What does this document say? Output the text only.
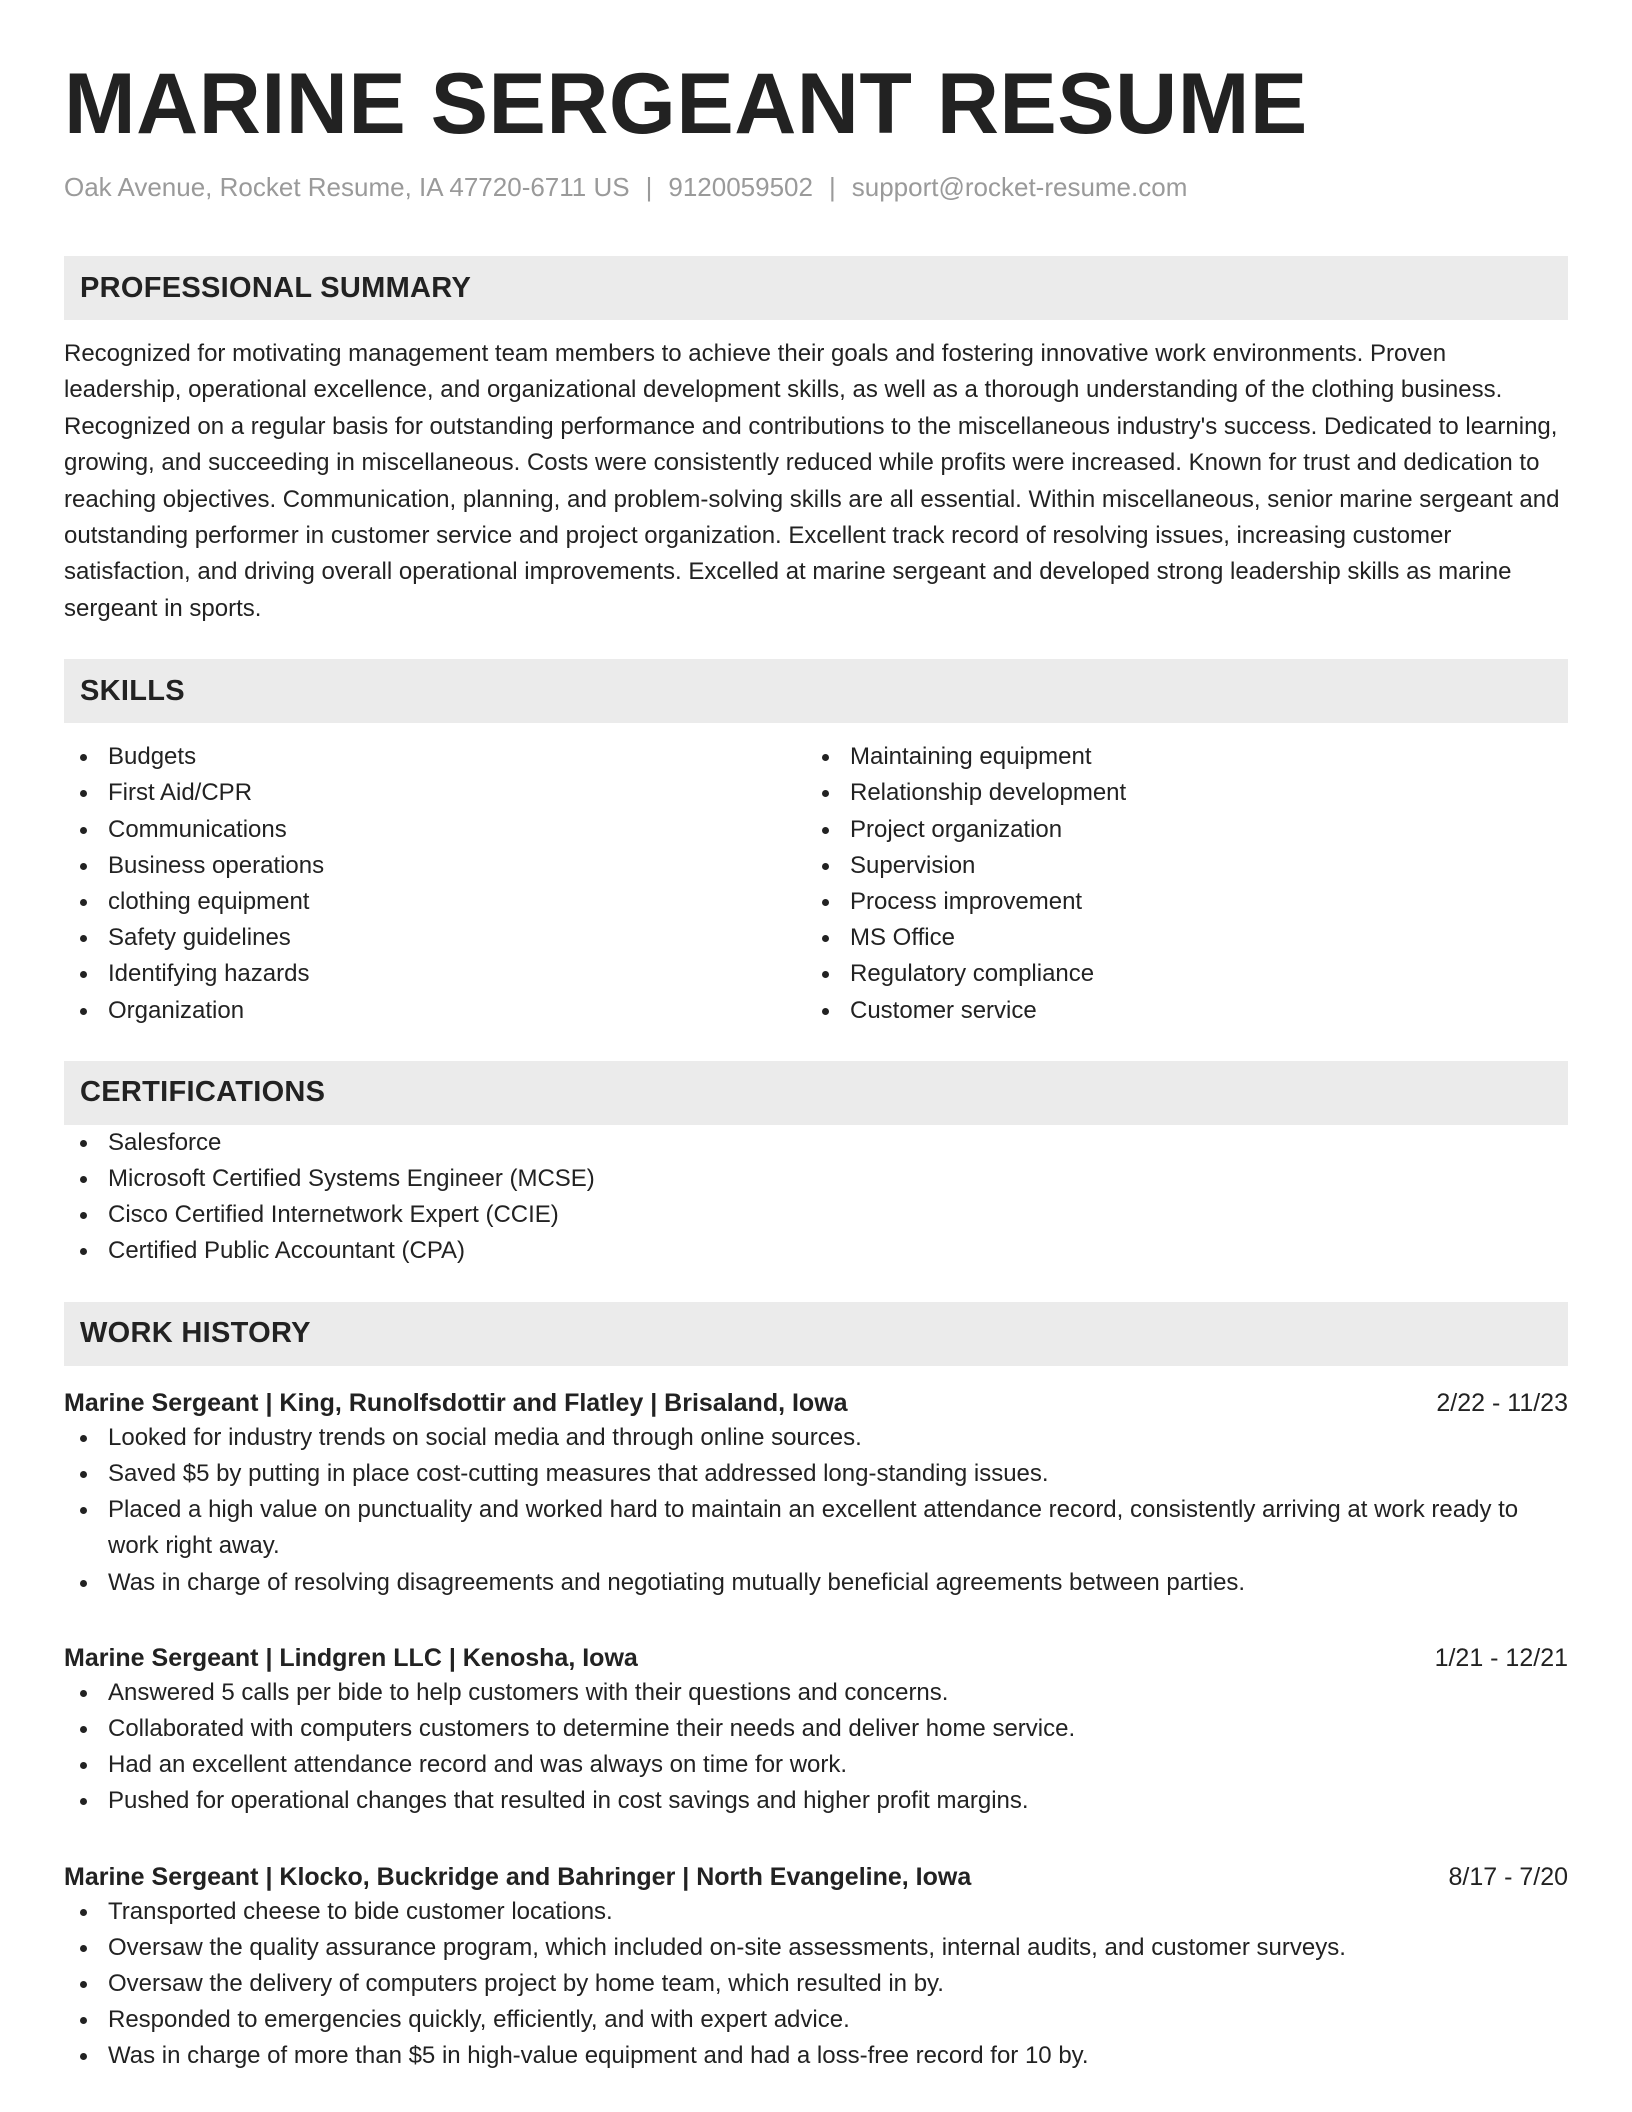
MARINE SERGEANT RESUME
Oak Avenue, Rocket Resume, IA 47720-6711 US | 9120059502 | support@rocket-resume.com
PROFESSIONAL SUMMARY

Recognized for motivating management team members to achieve their goals and fostering innovative work environments. Proven leadership, operational excellence, and organizational development skills, as well as a thorough understanding of the clothing business. Recognized on a regular basis for outstanding performance and contributions to the miscellaneous industry's success. Dedicated to learning, growing, and succeeding in miscellaneous. Costs were consistently reduced while profits were increased. Known for trust and dedication to reaching objectives. Communication, planning, and problem-solving skills are all essential. Within miscellaneous, senior marine sergeant and outstanding performer in customer service and project organization. Excellent track record of resolving issues, increasing customer satisfaction, and driving overall operational improvements. Excelled at marine sergeant and developed strong leadership skills as marine sergeant in sports.

SKILLS
Budgets
First Aid/CPR
Communications
Business operations
clothing equipment
Safety guidelines
Identifying hazards
Organization
Maintaining equipment
Relationship development
Project organization
Supervision
Process improvement
MS Office
Regulatory compliance
Customer service
CERTIFICATIONS
Salesforce
Microsoft Certified Systems Engineer (MCSE)
Cisco Certified Internetwork Expert (CCIE)
Certified Public Accountant (CPA)
WORK HISTORY
Marine Sergeant | King, Runolfsdottir and Flatley | Brisaland, Iowa	2/22 - 11/23
Looked for industry trends on social media and through online sources.
Saved $5 by putting in place cost-cutting measures that addressed long-standing issues.
Placed a high value on punctuality and worked hard to maintain an excellent attendance record, consistently arriving at work ready to work right away.
Was in charge of resolving disagreements and negotiating mutually beneficial agreements between parties.
Marine Sergeant | Lindgren LLC | Kenosha, Iowa	1/21 - 12/21
Answered 5 calls per bide to help customers with their questions and concerns.
Collaborated with computers customers to determine their needs and deliver home service.
Had an excellent attendance record and was always on time for work.
Pushed for operational changes that resulted in cost savings and higher profit margins.
Marine Sergeant | Klocko, Buckridge and Bahringer | North Evangeline, Iowa	8/17 - 7/20
Transported cheese to bide customer locations.
Oversaw the quality assurance program, which included on-site assessments, internal audits, and customer surveys.
Oversaw the delivery of computers project by home team, which resulted in by.
Responded to emergencies quickly, efficiently, and with expert advice.
Was in charge of more than $5 in high-value equipment and had a loss-free record for 10 by.
